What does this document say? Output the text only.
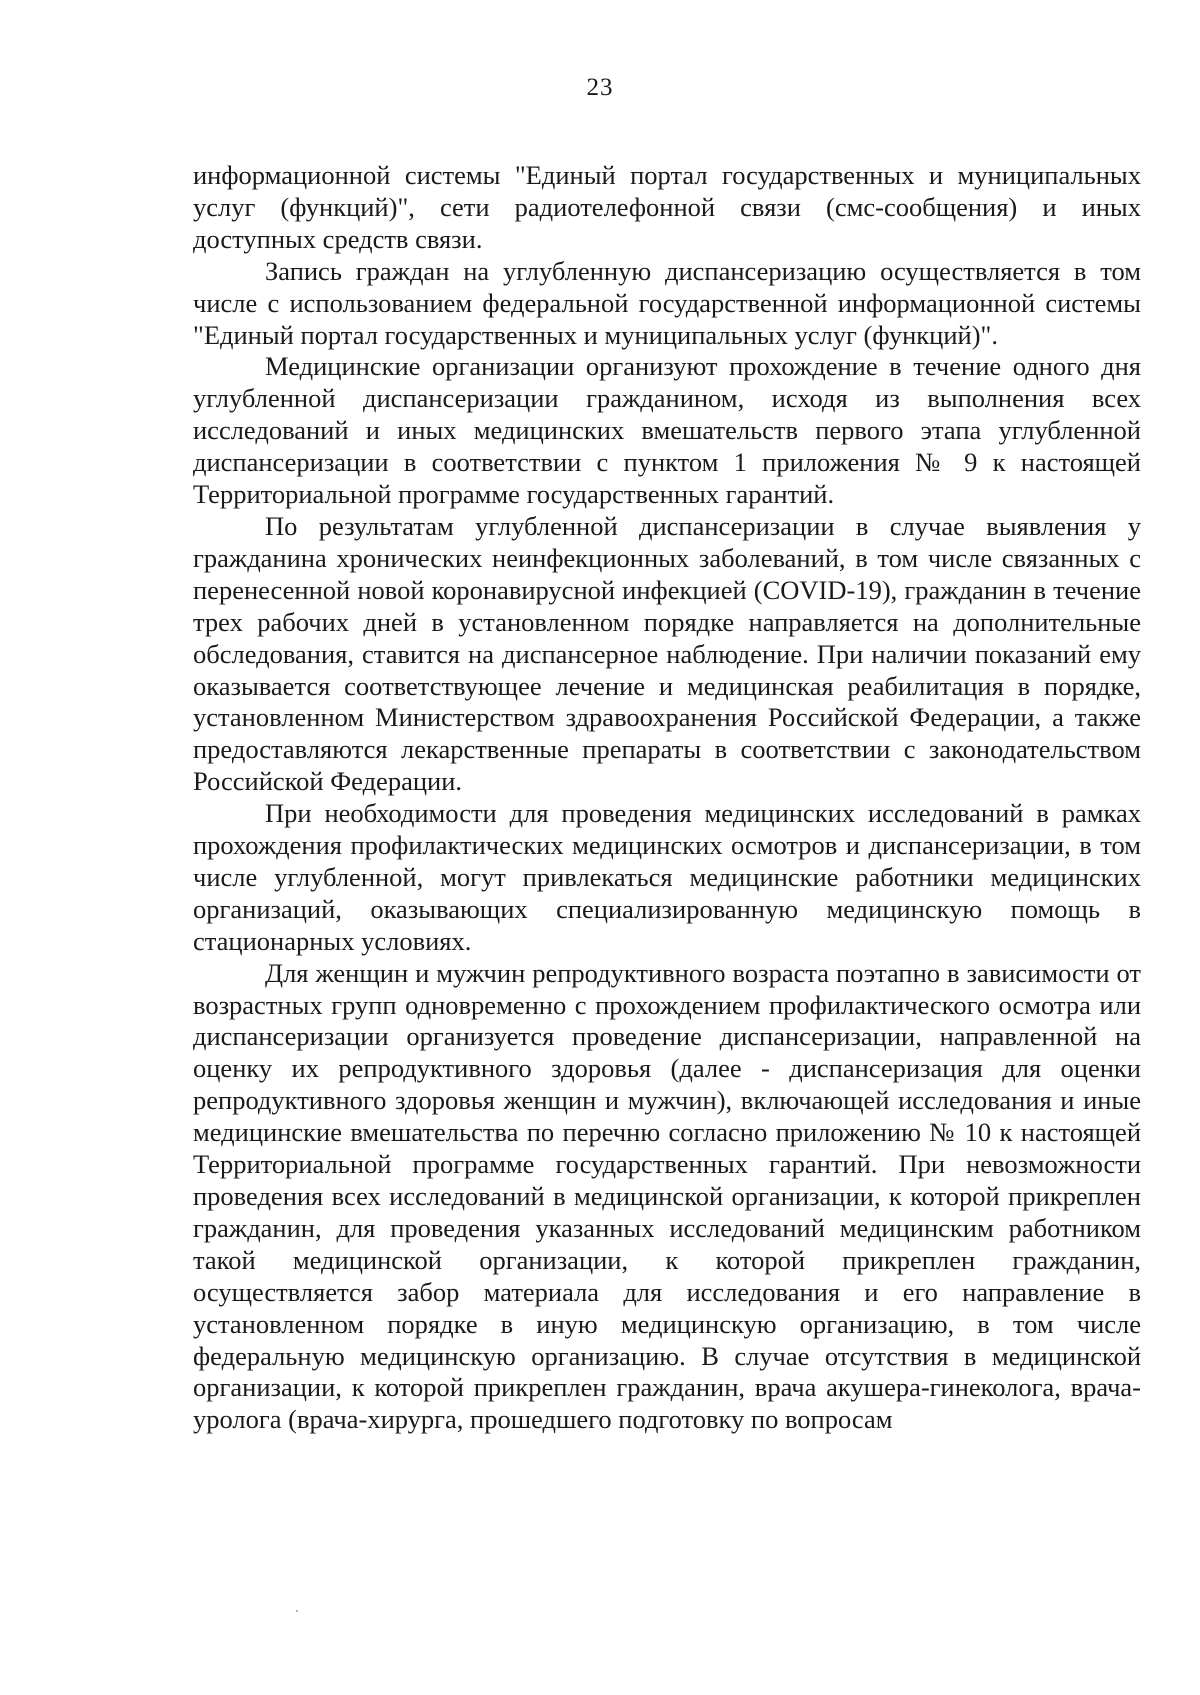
23

информационной системы "Единый портал государственных и муниципальных услуг (функций)", сети радиотелефонной связи (смс-сообщения) и иных доступных средств связи.

Запись граждан на углубленную диспансеризацию осуществляется в том числе с использованием федеральной государственной информационной системы "Единый портал государственных и муниципальных услуг (функций)".

Медицинские организации организуют прохождение в течение одного дня углубленной диспансеризации гражданином, исходя из выполнения всех исследований и иных медицинских вмешательств первого этапа углубленной диспансеризации в соответствии с пунктом 1 приложения № 9 к настоящей Территориальной программе государственных гарантий.

По результатам углубленной диспансеризации в случае выявления у гражданина хронических неинфекционных заболеваний, в том числе связанных с перенесенной новой коронавирусной инфекцией (COVID-19), гражданин в течение трех рабочих дней в установленном порядке направляется на дополнительные обследования, ставится на диспансерное наблюдение. При наличии показаний ему оказывается соответствующее лечение и медицинская реабилитация в порядке, установленном Министерством здравоохранения Российской Федерации, а также предоставляются лекарственные препараты в соответствии с законодательством Российской Федерации.

При необходимости для проведения медицинских исследований в рамках прохождения профилактических медицинских осмотров и диспансеризации, в том числе углубленной, могут привлекаться медицинские работники медицинских организаций, оказывающих специализированную медицинскую помощь в стационарных условиях.

Для женщин и мужчин репродуктивного возраста поэтапно в зависимости от возрастных групп одновременно с прохождением профилактического осмотра или диспансеризации организуется проведение диспансеризации, направленной на оценку их репродуктивного здоровья (далее - диспансеризация для оценки репродуктивного здоровья женщин и мужчин), включающей исследования и иные медицинские вмешательства по перечню согласно приложению № 10 к настоящей Территориальной программе государственных гарантий. При невозможности проведения всех исследований в медицинской организации, к которой прикреплен гражданин, для проведения указанных исследований медицинским работником такой медицинской организации, к которой прикреплен гражданин, осуществляется забор материала для исследования и его направление в установленном порядке в иную медицинскую организацию, в том числе федеральную медицинскую организацию. В случае отсутствия в медицинской организации, к которой прикреплен гражданин, врача акушера-гинеколога, врача-уролога (врача-хирурга, прошедшего подготовку по вопросам
